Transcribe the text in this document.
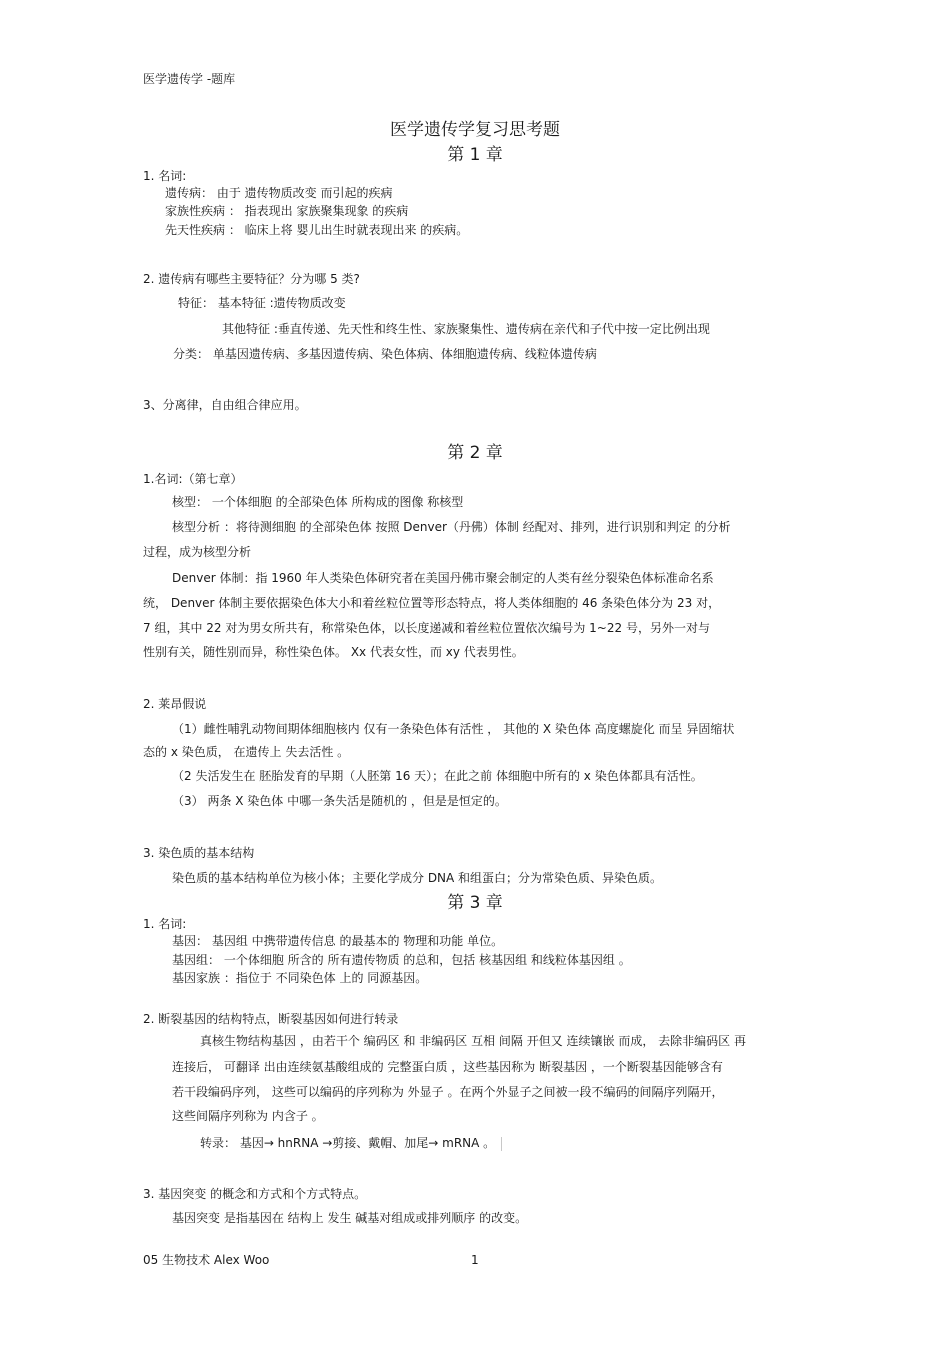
医学遗传学 -题库
医学遗传学复习思考题
第 1 章
1. 名词:
遗传病： 由于 遗传物质改变 而引起的疾病
家族性疾病 ： 指表现出 家族聚集现象 的疾病
先天性疾病 ： 临床上将 婴儿出生时就表现出来 的疾病。
2. 遗传病有哪些主要特征？分为哪 5 类?
特征： 基本特征 :遗传物质改变
其他特征 :垂直传递、先天性和终生性、家族聚集性、遗传病在亲代和子代中按一定比例出现
分类： 单基因遗传病、多基因遗传病、染色体病、体细胞遗传病、线粒体遗传病
3、分离律，自由组合律应用。
第 2 章
1.名词:（第七章）
核型： 一个体细胞 的全部染色体 所构成的图像 称核型
核型分析 ：将待测细胞 的全部染色体 按照 Denver（丹佛）体制 经配对、排列，进行识别和判定 的分析
过程，成为核型分析
Denver 体制：指 1960 年人类染色体研究者在美国丹佛市聚会制定的人类有丝分裂染色体标准命名系
统， Denver 体制主要依据染色体大小和着丝粒位置等形态特点，将人类体细胞的 46 条染色体分为 23 对，
7 组，其中 22 对为男女所共有，称常染色体，以长度递减和着丝粒位置依次编号为 1~22 号，另外一对与
性别有关，随性别而异，称性染色体。 Xx 代表女性，而 xy 代表男性。
2. 莱昂假说
（1）雌性哺乳动物间期体细胞核内 仅有一条染色体有活性 ， 其他的 X 染色体 高度螺旋化 而呈 异固缩状
态的 x 染色质， 在遗传上 失去活性 。
（2 失活发生在 胚胎发育的早期（人胚第 16 天）；在此之前 体细胞中所有的 x 染色体都具有活性。
（3） 两条 X 染色体 中哪一条失活是随机的 ，但是是恒定的。
3. 染色质的基本结构
染色质的基本结构单位为核小体；主要化学成分 DNA 和组蛋白；分为常染色质、异染色质。
第 3 章
1. 名词:
基因： 基因组 中携带遗传信息 的最基本的 物理和功能 单位。
基因组： 一个体细胞 所含的 所有遗传物质 的总和，包括 核基因组 和线粒体基因组 。
基因家族 ：指位于 不同染色体 上的 同源基因。
2. 断裂基因的结构特点，断裂基因如何进行转录
真核生物结构基因 ，由若干个 编码区 和 非编码区 互相 间隔 开但又 连续镶嵌 而成， 去除非编码区 再
连接后， 可翻译 出由连续氨基酸组成的 完整蛋白质 ，这些基因称为 断裂基因 ，一个断裂基因能够含有
若干段编码序列， 这些可以编码的序列称为 外显子 。在两个外显子之间被一段不编码的间隔序列隔开，
这些间隔序列称为 内含子 。
转录： 基因→ hnRNA →剪接、戴帽、加尾→ mRNA 。
3. 基因突变 的概念和方式和个方式特点。
基因突变 是指基因在 结构上 发生 碱基对组成或排列顺序 的改变。
05 生物技术 Alex Woo	1
